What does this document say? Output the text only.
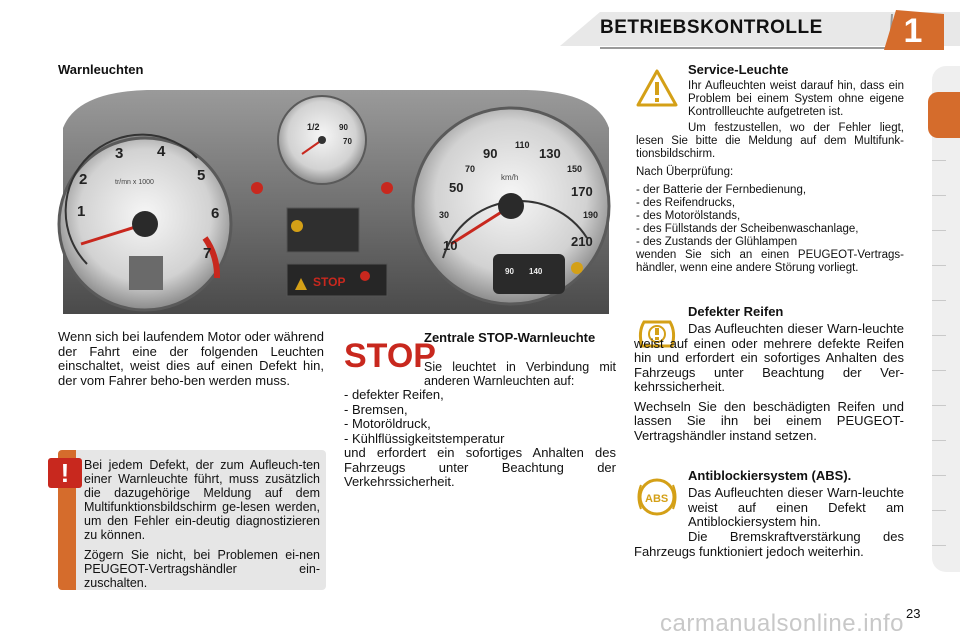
BETRIEBSKONTROLLE	1
Warnleuchten
1
2
3 4
5
6
7
tr/mn x 1000
1/2 90
70
STOP
10
30
50
70
90
110
130
150
170
190
210
km/h
90 140

Wenn sich bei laufendem Motor oder während der Fahrt eine der folgenden Leuchten einschaltet, weist dies auf einen Defekt hin, der vom Fahrer beho-ben werden muss.

!	Bei jedem Defekt, der zum Aufleuch-ten einer Warnleuchte führt, muss zusätzlich die dazugehörige Meldung auf dem Multifunktionsbildschirm ge-lesen werden, um den Fehler ein-deutig diagnostizieren zu können.

Zögern Sie nicht, bei Problemen ei-nen PEUGEOT-Vertragshändler ein-zuschalten.

STOP
Zentrale STOP-Warnleuchte

Sie leuchtet in Verbindung mit anderen Warnleuchten auf:

- defekter Reifen,
- Bremsen,
- Motoröldruck,
- Kühlflüssigkeitstemperatur

und erfordert ein sofortiges Anhalten des Fahrzeugs unter Beachtung der Verkehrssicherheit.

Service-Leuchte

Ihr Aufleuchten weist darauf hin, dass ein Problem bei einem System ohne eigene Kontrollleuchte aufgetreten ist.

Um festzustellen, wo der Fehler liegt, lesen Sie bitte die Meldung auf dem Multifunk-tionsbildschirm.

Nach Überprüfung:

- der Batterie der Fernbedienung,
- des Reifendrucks,
- des Motorölstands,
- des Füllstands der Scheibenwaschanlage,
- des Zustands der Glühlampen

wenden Sie sich an einen PEUGEOT-Vertrags-händler, wenn eine andere Störung vorliegt.

Defekter Reifen

Das Aufleuchten dieser Warn-leuchte weist auf einen oder mehrere defekte Reifen hin und erfordert ein sofortiges Anhalten des Fahrzeugs unter Beachtung der Ver-kehrssicherheit.

Wechseln Sie den beschädigten Reifen und lassen Sie ihn bei einem PEUGEOT-Vertragshändler instand setzen.

ABS
Antiblockiersystem (ABS).

Das Aufleuchten dieser Warn-leuchte weist auf einen Defekt am Antiblockiersystem hin.

Die Bremskraftverstärkung des Fahrzeugs funktioniert jedoch weiterhin.

carmanualsonline.info 23
